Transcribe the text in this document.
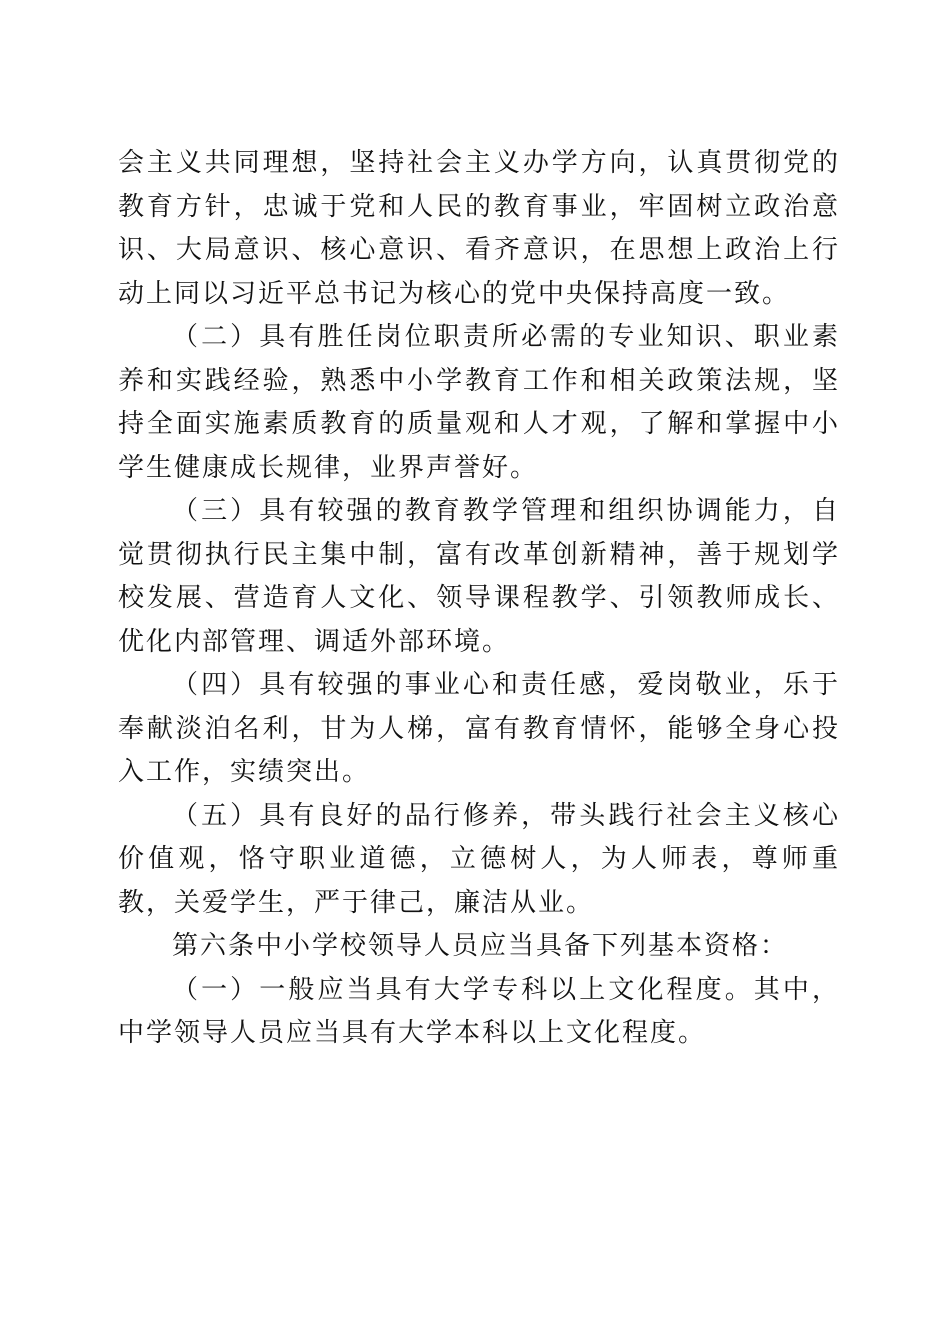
会主义共同理想，坚持社会主义办学方向，认真贯彻党的教育方针，忠诚于党和人民的教育事业，牢固树立政治意识、大局意识、核心意识、看齐意识，在思想上政治上行动上同以习近平总书记为核心的党中央保持高度一致。

（二）具有胜任岗位职责所必需的专业知识、职业素养和实践经验，熟悉中小学教育工作和相关政策法规，坚持全面实施素质教育的质量观和人才观，了解和掌握中小学生健康成长规律，业界声誉好。

（三）具有较强的教育教学管理和组织协调能力，自觉贯彻执行民主集中制，富有改革创新精神，善于规划学校发展、营造育人文化、领导课程教学、引领教师成长、优化内部管理、调适外部环境。

（四）具有较强的事业心和责任感，爱岗敬业，乐于奉献淡泊名利，甘为人梯，富有教育情怀，能够全身心投入工作，实绩突出。

（五）具有良好的品行修养，带头践行社会主义核心价值观，恪守职业道德，立德树人，为人师表，尊师重教，关爱学生，严于律己，廉洁从业。

第六条中小学校领导人员应当具备下列基本资格：

（一）一般应当具有大学专科以上文化程度。其中，中学领导人员应当具有大学本科以上文化程度。
